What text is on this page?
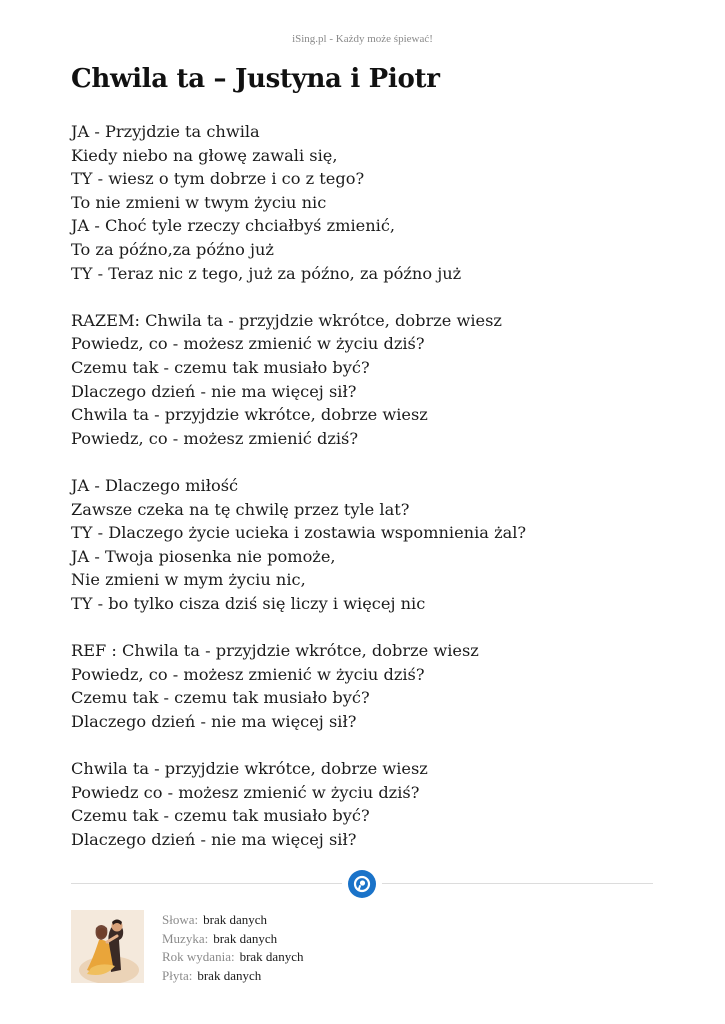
iSing.pl - Każdy może śpiewać!
Chwila ta – Justyna i Piotr
JA - Przyjdzie ta chwila
Kiedy niebo na głowę zawali się,
TY - wiesz o tym dobrze i co z tego?
To nie zmieni w twym życiu nic
JA - Choć tyle rzeczy chciałbyś zmienić,
To za późno,za późno już
TY - Teraz nic z tego, już za późno, za późno już
RAZEM: Chwila ta - przyjdzie wkrótce, dobrze wiesz
Powiedz, co - możesz zmienić w życiu dziś?
Czemu tak - czemu tak musiało być?
Dlaczego dzień - nie ma więcej sił?
Chwila ta - przyjdzie wkrótce, dobrze wiesz
Powiedz, co - możesz zmienić dziś?
JA - Dlaczego miłość
Zawsze czeka na tę chwilę przez tyle lat?
TY - Dlaczego życie ucieka i zostawia wspomnienia żal?
JA - Twoja piosenka nie pomoże,
Nie zmieni w mym życiu nic,
TY - bo tylko cisza dziś się liczy i więcej nic
REF : Chwila ta - przyjdzie wkrótce, dobrze wiesz
Powiedz, co - możesz zmienić w życiu dziś?
Czemu tak - czemu tak musiało być?
Dlaczego dzień - nie ma więcej sił?
Chwila ta - przyjdzie wkrótce, dobrze wiesz
Powiedz co - możesz zmienić w życiu dziś?
Czemu tak - czemu tak musiało być?
Dlaczego dzień - nie ma więcej sił?
Słowa: brak danych
Muzyka: brak danych
Rok wydania: brak danych
Płyta: brak danych
